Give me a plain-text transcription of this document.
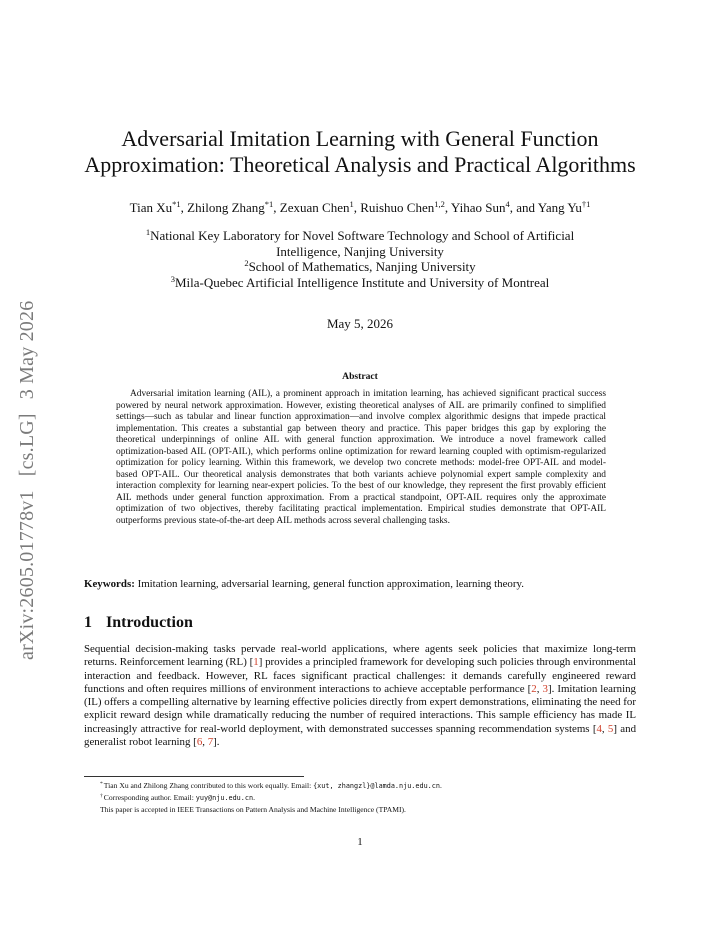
arXiv:2605.01778v1[cs.LG]3 May 2026
Adversarial Imitation Learning with General Function
Approximation: Theoretical Analysis and Practical Algorithms
Tian Xu$^{*1}$, Zhilong Zhang$^{*1}$, Zexuan Chen$^1$, Ruishuo Chen$^{1,2}$, Yihao Sun$^4$, and Yang Yu$^{\dagger 1}$
$^1$National Key Laboratory for Novel Software Technology and School of Artificial
Intelligence, Nanjing University
$^2$School of Mathematics, Nanjing University
$^3$Mila-Quebec Artificial Intelligence Institute and University of Montreal
May 5, 2026
Abstract

Adversarial imitation learning (AIL), a prominent approach in imitation learning, has achieved significant practical success powered by neural network approximation. However, existing theoretical analyses of AIL are primarily confined to simplified settings—such as tabular and linear function approximation—and involve complex algorithmic designs that impede practical implementation. This creates a substantial gap between theory and practice. This paper bridges this gap by exploring the theoretical underpinnings of online AIL with general function approximation. We introduce a novel framework called optimization-based AIL (OPT-AIL), which performs online optimization for reward learning coupled with optimism-regularized optimization for policy learning. Within this framework, we develop two concrete methods: model-free OPT-AIL and model-based OPT-AIL. Our theoretical analysis demonstrates that both variants achieve polynomial expert sample complexity and interaction complexity for learning near-expert policies. To the best of our knowledge, they represent the first provably efficient AIL methods under general function approximation. From a practical standpoint, OPT-AIL requires only the approximate optimization of two objectives, thereby facilitating practical implementation. Empirical studies demonstrate that OPT-AIL outperforms previous state-of-the-art deep AIL methods across several challenging tasks.

Keywords: Imitation learning, adversarial learning, general function approximation, learning theory.

1 Introduction

Sequential decision-making tasks pervade real-world applications, where agents seek policies that maximize long-term returns. Reinforcement learning (RL) [1] provides a principled framework for developing such policies through environmental interaction and feedback. However, RL faces significant practical challenges: it demands carefully engineered reward functions and often requires millions of environment interactions to achieve acceptable performance [2, 3]. Imitation learning (IL) offers a compelling alternative by learning effective policies directly from expert demonstrations, eliminating the need for explicit reward design while dramatically reducing the number of required interactions. This sample efficiency has made IL increasingly attractive for real-world deployment, with demonstrated successes spanning recommendation systems [4, 5] and generalist robot learning [6, 7].

*Tian Xu and Zhilong Zhang contributed to this work equally. Email: {xut, zhangzl}@lamda.nju.edu.cn.

†Corresponding author. Email: yuy@nju.edu.cn.

This paper is accepted in IEEE Transactions on Pattern Analysis and Machine Intelligence (TPAMI).

1
